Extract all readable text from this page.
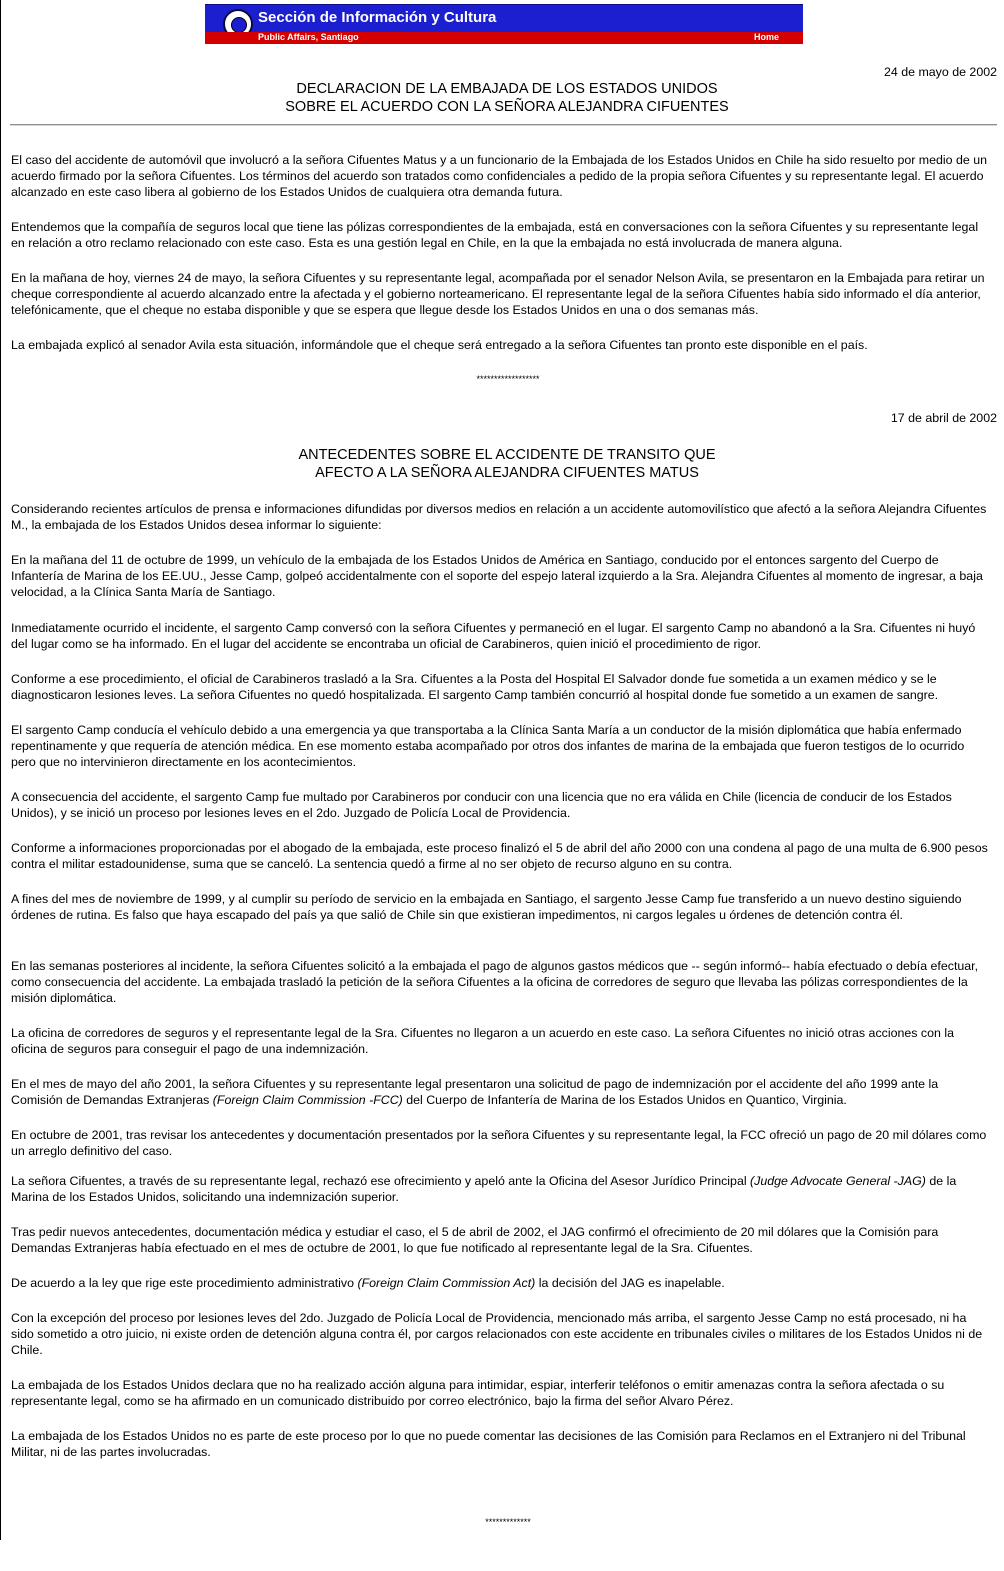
Sección de Información y Cultura
Public Affairs, Santiago	Home
24 de mayo de 2002
DECLARACION DE LA EMBAJADA DE LOS ESTADOS UNIDOS
SOBRE EL ACUERDO CON LA SEÑORA ALEJANDRA CIFUENTES

El caso del accidente de automóvil que involucró a la señora Cifuentes Matus y a un funcionario de la Embajada de los Estados Unidos en Chile ha sido resuelto por medio de un acuerdo firmado por la señora Cifuentes. Los términos del acuerdo son tratados como confidenciales a pedido de la propia señora Cifuentes y su representante legal. El acuerdo alcanzado en este caso libera al gobierno de los Estados Unidos de cualquiera otra demanda futura.

Entendemos que la compañía de seguros local que tiene las pólizas correspondientes de la embajada, está en conversaciones con la señora Cifuentes y su representante legal en relación a otro reclamo relacionado con este caso. Esta es una gestión legal en Chile, en la que la embajada no está involucrada de manera alguna.

En la mañana de hoy, viernes 24 de mayo, la señora Cifuentes y su representante legal, acompañada por el senador Nelson Avila, se presentaron en la Embajada para retirar un cheque correspondiente al acuerdo alcanzado entre la afectada y el gobierno norteamericano. El representante legal de la señora Cifuentes había sido informado el día anterior, telefónicamente, que el cheque no estaba disponible y que se espera que llegue desde los Estados Unidos en una o dos semanas más.

La embajada explicó al senador Avila esta situación, informándole que el cheque será entregado a la señora Cifuentes tan pronto este disponible en el país.

******************
17 de abril de 2002
ANTECEDENTES SOBRE EL ACCIDENTE DE TRANSITO QUE
AFECTO A LA SEÑORA ALEJANDRA CIFUENTES MATUS

Considerando recientes artículos de prensa e informaciones difundidas por diversos medios en relación a un accidente automovilístico que afectó a la señora Alejandra Cifuentes M., la embajada de los Estados Unidos desea informar lo siguiente:

En la mañana del 11 de octubre de 1999, un vehículo de la embajada de los Estados Unidos de América en Santiago, conducido por el entonces sargento del Cuerpo de Infantería de Marina de los EE.UU., Jesse Camp, golpeó accidentalmente con el soporte del espejo lateral izquierdo a la Sra. Alejandra Cifuentes al momento de ingresar, a baja velocidad, a la Clínica Santa María de Santiago.

Inmediatamente ocurrido el incidente, el sargento Camp conversó con la señora Cifuentes y permaneció en el lugar. El sargento Camp no abandonó a la Sra. Cifuentes ni huyó del lugar como se ha informado. En el lugar del accidente se encontraba un oficial de Carabineros, quien inició el procedimiento de rigor.

Conforme a ese procedimiento, el oficial de Carabineros trasladó a la Sra. Cifuentes a la Posta del Hospital El Salvador donde fue sometida a un examen médico y se le diagnosticaron lesiones leves. La señora Cifuentes no quedó hospitalizada. El sargento Camp también concurrió al hospital donde fue sometido a un examen de sangre.

El sargento Camp conducía el vehículo debido a una emergencia ya que transportaba a la Clínica Santa María a un conductor de la misión diplomática que había enfermado repentinamente y que requería de atención médica. En ese momento estaba acompañado por otros dos infantes de marina de la embajada que fueron testigos de lo ocurrido pero que no intervinieron directamente en los acontecimientos.

A consecuencia del accidente, el sargento Camp fue multado por Carabineros por conducir con una licencia que no era válida en Chile (licencia de conducir de los Estados Unidos), y se inició un proceso por lesiones leves en el 2do. Juzgado de Policía Local de Providencia.

Conforme a informaciones proporcionadas por el abogado de la embajada, este proceso finalizó el 5 de abril del año 2000 con una condena al pago de una multa de 6.900 pesos contra el militar estadounidense, suma que se canceló. La sentencia quedó a firme al no ser objeto de recurso alguno en su contra.

A fines del mes de noviembre de 1999, y al cumplir su período de servicio en la embajada en Santiago, el sargento Jesse Camp fue transferido a un nuevo destino siguiendo órdenes de rutina. Es falso que haya escapado del país ya que salió de Chile sin que existieran impedimentos, ni cargos legales u órdenes de detención contra él.

En las semanas posteriores al incidente, la señora Cifuentes solicitó a la embajada el pago de algunos gastos médicos que -- según informó-- había efectuado o debía efectuar, como consecuencia del accidente. La embajada trasladó la petición de la señora Cifuentes a la oficina de corredores de seguro que llevaba las pólizas correspondientes de la misión diplomática.

La oficina de corredores de seguros y el representante legal de la Sra. Cifuentes no llegaron a un acuerdo en este caso. La señora Cifuentes no inició otras acciones con la oficina de seguros para conseguir el pago de una indemnización.

En el mes de mayo del año 2001, la señora Cifuentes y su representante legal presentaron una solicitud de pago de indemnización por el accidente del año 1999 ante la Comisión de Demandas Extranjeras (Foreign Claim Commission -FCC) del Cuerpo de Infantería de Marina de los Estados Unidos en Quantico, Virginia.

En octubre de 2001, tras revisar los antecedentes y documentación presentados por la señora Cifuentes y su representante legal, la FCC ofreció un pago de 20 mil dólares como un arreglo definitivo del caso.

La señora Cifuentes, a través de su representante legal, rechazó ese ofrecimiento y apeló ante la Oficina del Asesor Jurídico Principal (Judge Advocate General -JAG) de la Marina de los Estados Unidos, solicitando una indemnización superior.

Tras pedir nuevos antecedentes, documentación médica y estudiar el caso, el 5 de abril de 2002, el JAG confirmó el ofrecimiento de 20 mil dólares que la Comisión para Demandas Extranjeras había efectuado en el mes de octubre de 2001, lo que fue notificado al representante legal de la Sra. Cifuentes.

De acuerdo a la ley que rige este procedimiento administrativo (Foreign Claim Commission Act) la decisión del JAG es inapelable.

Con la excepción del proceso por lesiones leves del 2do. Juzgado de Policía Local de Providencia, mencionado más arriba, el sargento Jesse Camp no está procesado, ni ha sido sometido a otro juicio, ni existe orden de detención alguna contra él, por cargos relacionados con este accidente en tribunales civiles o militares de los Estados Unidos ni de Chile.

La embajada de los Estados Unidos declara que no ha realizado acción alguna para intimidar, espiar, interferir teléfonos o emitir amenazas contra la señora afectada o su representante legal, como se ha afirmado en un comunicado distribuido por correo electrónico, bajo la firma del señor Alvaro Pérez.

La embajada de los Estados Unidos no es parte de este proceso por lo que no puede comentar las decisiones de las Comisión para Reclamos en el Extranjero ni del Tribunal Militar, ni de las partes involucradas.

*************
